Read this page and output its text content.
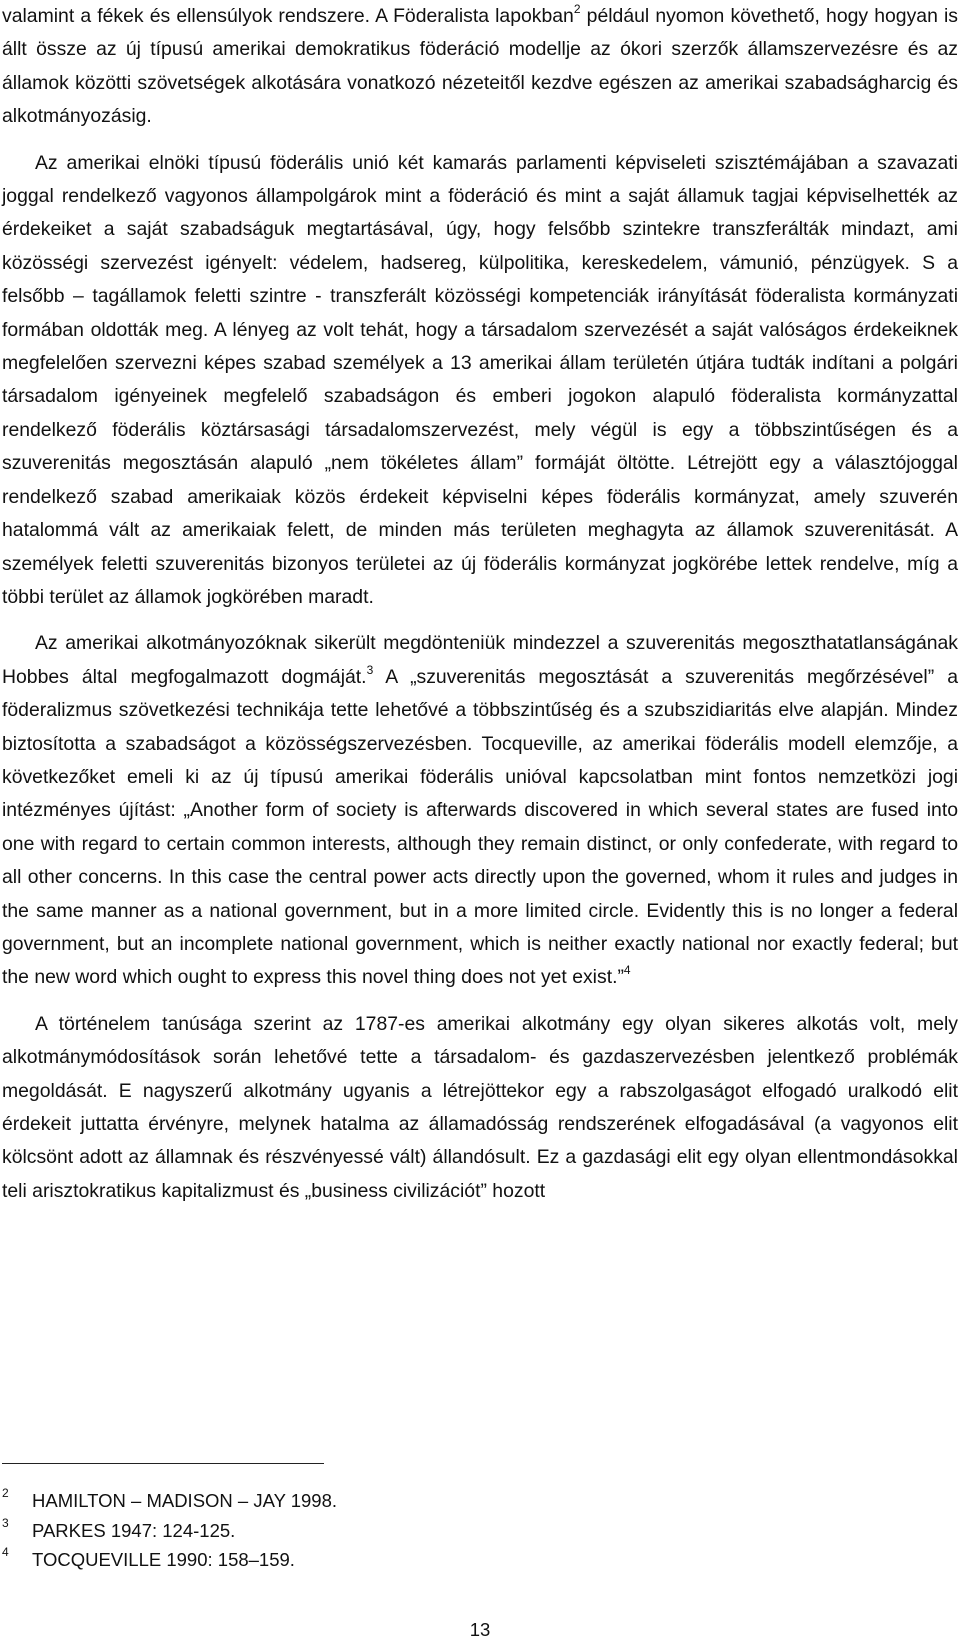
valamint a fékek és ellensúlyok rendszere. A Föderalista lapokban$^2$ például nyomon követhető, hogy hogyan is állt össze az új típusú amerikai demokratikus föderáció modellje az ókori szerzők államszervezésre és az államok közötti szövetségek alkotására vonatkozó nézeteitől kezdve egészen az amerikai szabadságharcig és alkotmányozásig.

Az amerikai elnöki típusú föderális unió két kamarás parlamenti képviseleti szisztémájában a szavazati joggal rendelkező vagyonos állampolgárok mint a föderáció és mint a saját államuk tagjai képviselhették az érdekeiket a saját szabadságuk megtartásával, úgy, hogy felsőbb szintekre transzferálták mindazt, ami közösségi szervezést igényelt: védelem, hadsereg, külpolitika, kereskedelem, vámunió, pénzügyek. S a felsőbb – tagállamok feletti szintre - transzferált közösségi kompetenciák irányítását föderalista kormányzati formában oldották meg. A lényeg az volt tehát, hogy a társadalom szervezését a saját valóságos érdekeiknek megfelelően szervezni képes szabad személyek a 13 amerikai állam területén útjára tudták indítani a polgári társadalom igényeinek megfelelő szabadságon és emberi jogokon alapuló föderalista kormányzattal rendelkező föderális köztársasági társadalomszervezést, mely végül is egy a többszintűségen és a szuverenitás megosztásán alapuló „nem tökéletes állam” formáját öltötte. Létrejött egy a választójoggal rendelkező szabad amerikaiak közös érdekeit képviselni képes föderális kormányzat, amely szuverén hatalommá vált az amerikaiak felett, de minden más területen meghagyta az államok szuverenitását. A személyek feletti szuverenitás bizonyos területei az új föderális kormányzat jogkörébe lettek rendelve, míg a többi terület az államok jogkörében maradt.

Az amerikai alkotmányozóknak sikerült megdönteniük mindezzel a szuverenitás megoszthatatlanságának Hobbes által megfogalmazott dogmáját.$^3$ A „szuverenitás megosztását a szuverenitás megőrzésével” a föderalizmus szövetkezési technikája tette lehetővé a többszintűség és a szubszidiaritás elve alapján. Mindez biztosította a szabadságot a közösségszervezésben. Tocqueville, az amerikai föderális modell elemzője, a következőket emeli ki az új típusú amerikai föderális unióval kapcsolatban mint fontos nemzetközi jogi intézményes újítást: „Another form of society is afterwards discovered in which several states are fused into one with regard to certain common interests, although they remain distinct, or only confederate, with regard to all other concerns. In this case the central power acts directly upon the governed, whom it rules and judges in the same manner as a national government, but in a more limited circle. Evidently this is no longer a federal government, but an incomplete national government, which is neither exactly national nor exactly federal; but the new word which ought to express this novel thing does not yet exist.”$^4$

A történelem tanúsága szerint az 1787-es amerikai alkotmány egy olyan sikeres alkotás volt, mely alkotmánymódosítások során lehetővé tette a társadalom- és gazdaszervezésben jelentkező problémák megoldását. E nagyszerű alkotmány ugyanis a létrejöttekor egy a rabszolgaságot elfogadó uralkodó elit érdekeit juttatta érvényre, melynek hatalma az államadósság rendszerének elfogadásával (a vagyonos elit kölcsönt adott az államnak és részvényessé vált) állandósult. Ez a gazdasági elit egy olyan ellentmondásokkal teli arisztokratikus kapitalizmust és „business civilizációt” hozott

2 HAMILTON – MADISON – JAY 1998.
3 PARKES 1947: 124-125.
4 TOCQUEVILLE 1990: 158–159.
13
